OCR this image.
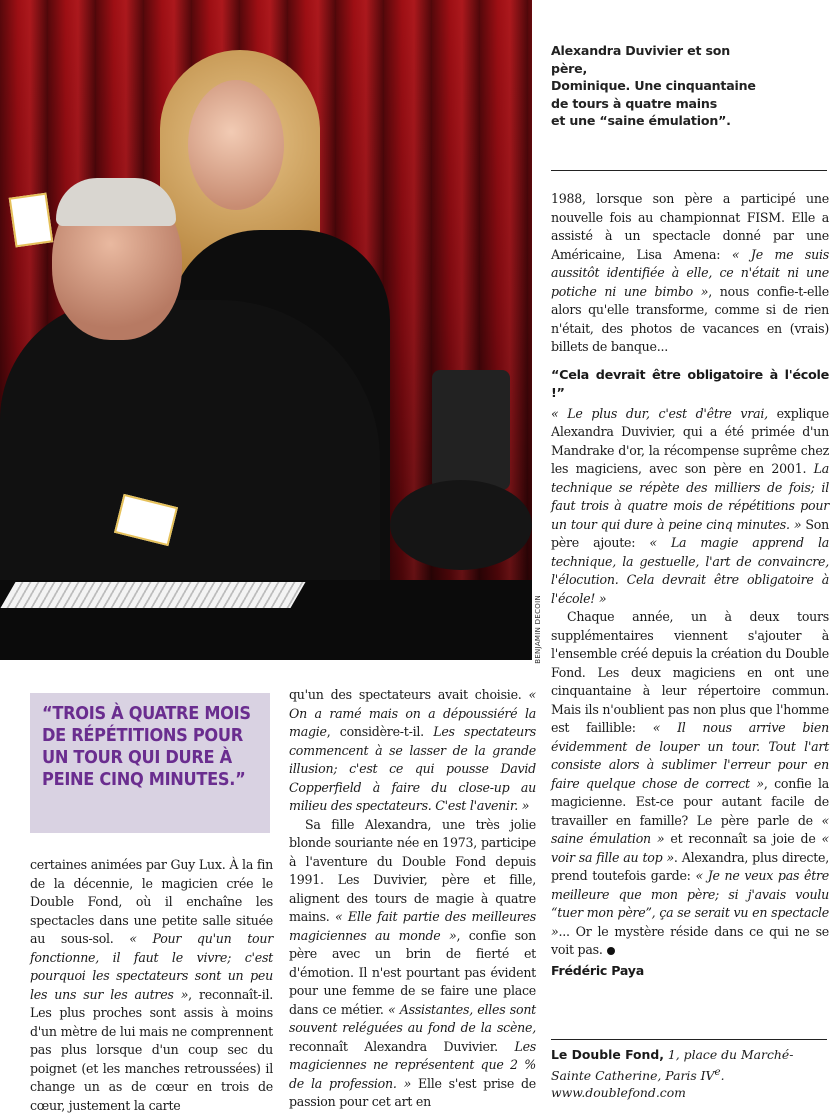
BENJAMIN DECOIN
Alexandra Duvivier et son père,
Dominique. Une cinquantaine
de tours à quatre mains
et une “saine émulation”.

“TROIS À QUATRE MOIS DE RÉPÉTITIONS POUR UN TOUR QUI DURE À PEINE CINQ MINUTES.”

certaines animées par Guy Lux. À la fin de la décennie, le magicien crée le Double Fond, où il enchaîne les spectacles dans une petite salle située au sous-sol. « Pour qu'un tour fonctionne, il faut le vivre; c'est pourquoi les spectateurs sont un peu les uns sur les autres », reconnaît-il. Les plus proches sont assis à moins d'un mètre de lui mais ne comprennent pas plus lorsque d'un coup sec du poignet (et les manches retroussées) il change un as de cœur en trois de cœur, justement la carte

qu'un des spectateurs avait choisie. « On a ramé mais on a dépoussiéré la magie, considère-t-il. Les spectateurs commencent à se lasser de la grande illusion; c'est ce qui pousse David Copperfield à faire du close-up au milieu des spectateurs. C'est l'avenir. »

Sa fille Alexandra, une très jolie blonde souriante née en 1973, participe à l'aventure du Double Fond depuis 1991. Les Duvivier, père et fille, alignent des tours de magie à quatre mains. « Elle fait partie des meilleures magiciennes au monde », confie son père avec un brin de fierté et d'émotion. Il n'est pourtant pas évident pour une femme de se faire une place dans ce métier. « Assistantes, elles sont souvent reléguées au fond de la scène, reconnaît Alexandra Duvivier. Les magiciennes ne représentent que 2 % de la profession. » Elle s'est prise de passion pour cet art en

1988, lorsque son père a participé une nouvelle fois au championnat FISM. Elle a assisté à un spectacle donné par une Américaine, Lisa Amena: « Je me suis aussitôt identifiée à elle, ce n'était ni une potiche ni une bimbo », nous confie-t-elle alors qu'elle transforme, comme si de rien n'était, des photos de vacances en (vrais) billets de banque...

“Cela devrait être obligatoire à l'école !”

« Le plus dur, c'est d'être vrai, explique Alexandra Duvivier, qui a été primée d'un Mandrake d'or, la récompense suprême chez les magiciens, avec son père en 2001. La technique se répète des milliers de fois; il faut trois à quatre mois de répétitions pour un tour qui dure à peine cinq minutes. » Son père ajoute: « La magie apprend la technique, la gestuelle, l'art de convaincre, l'élocution. Cela devrait être obligatoire à l'école! »

Chaque année, un à deux tours supplémentaires viennent s'ajouter à l'ensemble créé depuis la création du Double Fond. Les deux magiciens en ont une cinquantaine à leur répertoire commun. Mais ils n'oublient pas non plus que l'homme est faillible: « Il nous arrive bien évidemment de louper un tour. Tout l'art consiste alors à sublimer l'erreur pour en faire quelque chose de correct », confie la magicienne. Est-ce pour autant facile de travailler en famille? Le père parle de « saine émulation » et reconnaît sa joie de « voir sa fille au top ». Alexandra, plus directe, prend toutefois garde: « Je ne veux pas être meilleure que mon père; si j'avais voulu “tuer mon père”, ça se serait vu en spectacle »... Or le mystère réside dans ce qui ne se voit pas.

Frédéric Paya

Le Double Fond, 1, place du Marché-Sainte Catherine, Paris IVe.
www.doublefond.com
